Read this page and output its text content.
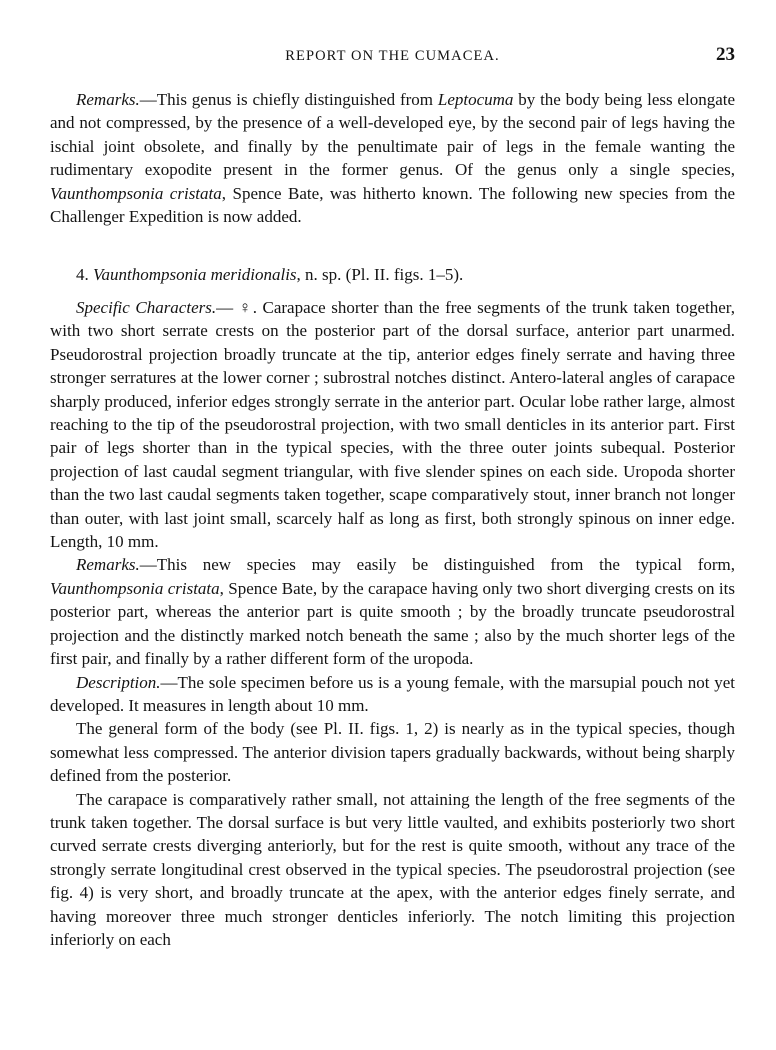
REPORT ON THE CUMACEA.	23

Remarks.—This genus is chiefly distinguished from Leptocuma by the body being less elongate and not compressed, by the presence of a well-developed eye, by the second pair of legs having the ischial joint obsolete, and finally by the penultimate pair of legs in the female wanting the rudimentary exopodite present in the former genus. Of the genus only a single species, Vaunthompsonia cristata, Spence Bate, was hitherto known. The following new species from the Challenger Expedition is now added.

4. Vaunthompsonia meridionalis, n. sp. (Pl. II. figs. 1–5).

Specific Characters.— ♀. Carapace shorter than the free segments of the trunk taken together, with two short serrate crests on the posterior part of the dorsal surface, anterior part unarmed. Pseudorostral projection broadly truncate at the tip, anterior edges finely serrate and having three stronger serratures at the lower corner ; subrostral notches distinct. Antero-lateral angles of carapace sharply produced, inferior edges strongly serrate in the anterior part. Ocular lobe rather large, almost reaching to the tip of the pseudorostral projection, with two small denticles in its anterior part. First pair of legs shorter than in the typical species, with the three outer joints subequal. Posterior projection of last caudal segment triangular, with five slender spines on each side. Uropoda shorter than the two last caudal segments taken together, scape comparatively stout, inner branch not longer than outer, with last joint small, scarcely half as long as first, both strongly spinous on inner edge. Length, 10 mm.

Remarks.—This new species may easily be distinguished from the typical form, Vaunthompsonia cristata, Spence Bate, by the carapace having only two short diverging crests on its posterior part, whereas the anterior part is quite smooth ; by the broadly truncate pseudorostral projection and the distinctly marked notch beneath the same ; also by the much shorter legs of the first pair, and finally by a rather different form of the uropoda.

Description.—The sole specimen before us is a young female, with the marsupial pouch not yet developed. It measures in length about 10 mm.

The general form of the body (see Pl. II. figs. 1, 2) is nearly as in the typical species, though somewhat less compressed. The anterior division tapers gradually backwards, without being sharply defined from the posterior.

The carapace is comparatively rather small, not attaining the length of the free segments of the trunk taken together. The dorsal surface is but very little vaulted, and exhibits posteriorly two short curved serrate crests diverging anteriorly, but for the rest is quite smooth, without any trace of the strongly serrate longitudinal crest observed in the typical species. The pseudorostral projection (see fig. 4) is very short, and broadly truncate at the apex, with the anterior edges finely serrate, and having moreover three much stronger denticles inferiorly. The notch limiting this projection inferiorly on each
